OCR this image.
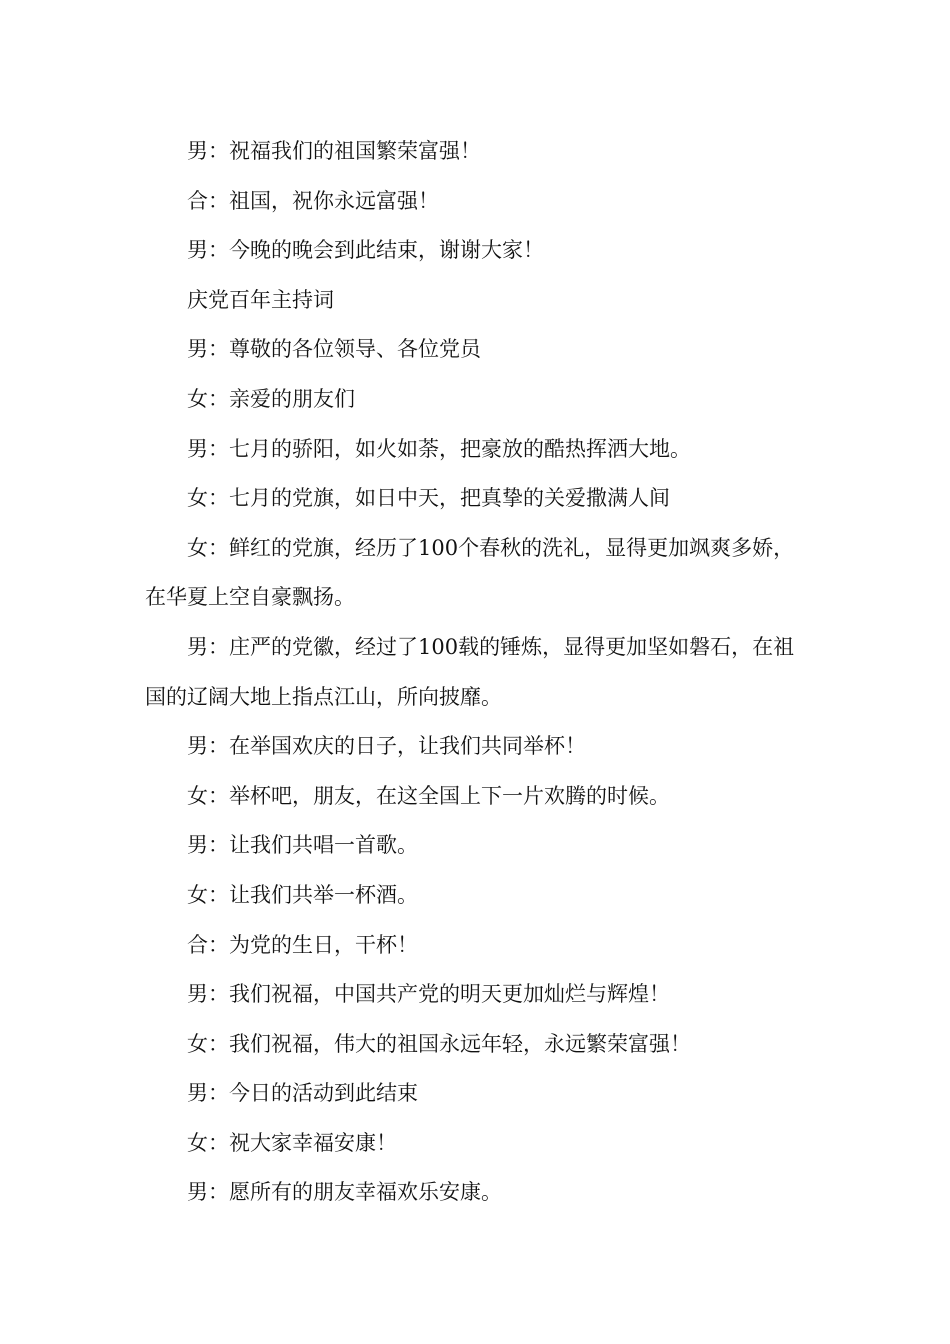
男：祝福我们的祖国繁荣富强！

合：祖国，祝你永远富强！

男：今晚的晚会到此结束，谢谢大家！

庆党百年主持词

男：尊敬的各位领导、各位党员

女：亲爱的朋友们

男：七月的骄阳，如火如荼，把豪放的酷热挥洒大地。

女：七月的党旗，如日中天，把真挚的关爱撒满人间

女：鲜红的党旗，经历了100个春秋的洗礼，显得更加飒爽多娇，在华夏上空自豪飘扬。

男：庄严的党徽，经过了100载的锤炼，显得更加坚如磐石，在祖国的辽阔大地上指点江山，所向披靡。

男：在举国欢庆的日子，让我们共同举杯！

女：举杯吧，朋友，在这全国上下一片欢腾的时候。

男：让我们共唱一首歌。

女：让我们共举一杯酒。

合：为党的生日，干杯！

男：我们祝福，中国共产党的明天更加灿烂与辉煌！

女：我们祝福，伟大的祖国永远年轻，永远繁荣富强！

男：今日的活动到此结束

女：祝大家幸福安康！

男：愿所有的朋友幸福欢乐安康。
